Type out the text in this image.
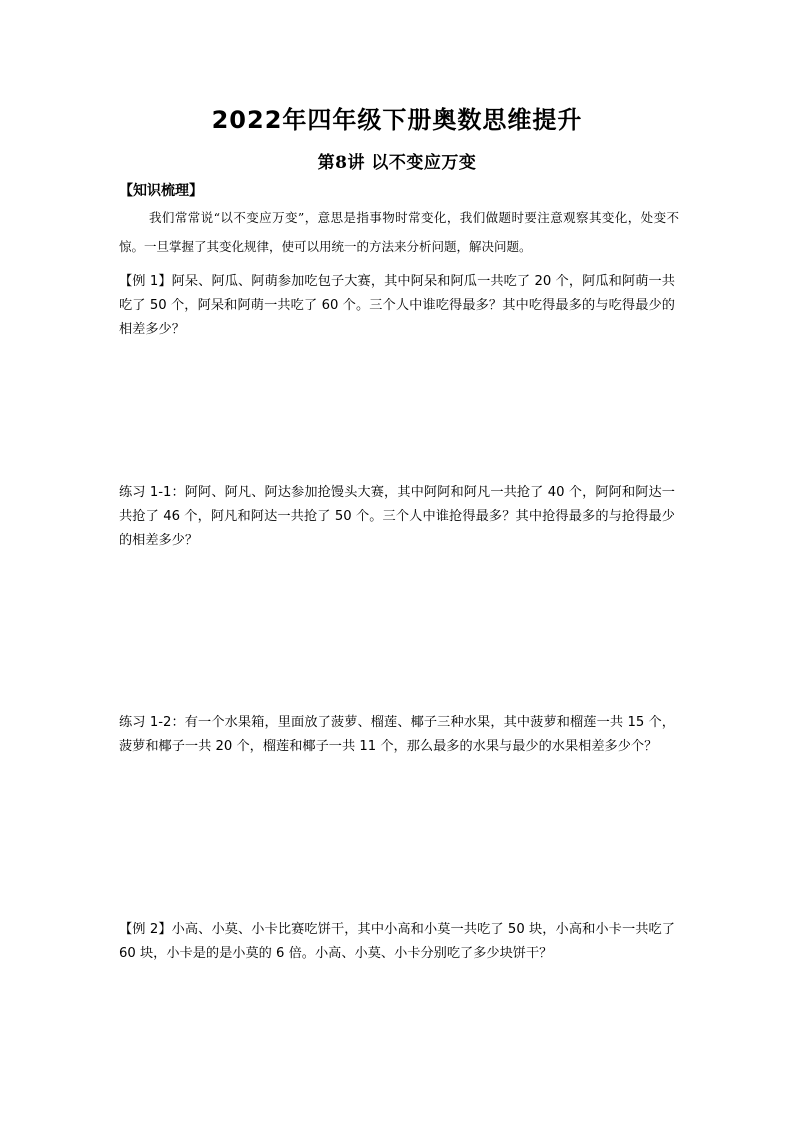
2022年四年级下册奥数思维提升
第8讲 以不变应万变
【知识梳理】
我们常常说“以不变应万变”，意思是指事物时常变化，我们做题时要注意观察其变化，处变不惊。一旦掌握了其变化规律，使可以用统一的方法来分析问题，解决问题。
【例 1】阿呆、阿瓜、阿萌参加吃包子大赛，其中阿呆和阿瓜一共吃了 20 个，阿瓜和阿萌一共吃了 50 个，阿呆和阿萌一共吃了 60 个。三个人中谁吃得最多？其中吃得最多的与吃得最少的相差多少？
练习 1-1：阿阿、阿凡、阿达参加抢馒头大赛，其中阿阿和阿凡一共抢了 40 个，阿阿和阿达一共抢了 46 个，阿凡和阿达一共抢了 50 个。三个人中谁抢得最多？其中抢得最多的与抢得最少的相差多少？
练习 1-2：有一个水果箱，里面放了菠萝、榴莲、椰子三种水果，其中菠萝和榴莲一共 15 个，菠萝和椰子一共 20 个，榴莲和椰子一共 11 个，那么最多的水果与最少的水果相差多少个？
【例 2】小高、小莫、小卡比赛吃饼干，其中小高和小莫一共吃了 50 块，小高和小卡一共吃了 60 块，小卡是的是小莫的 6 倍。小高、小莫、小卡分别吃了多少块饼干？
